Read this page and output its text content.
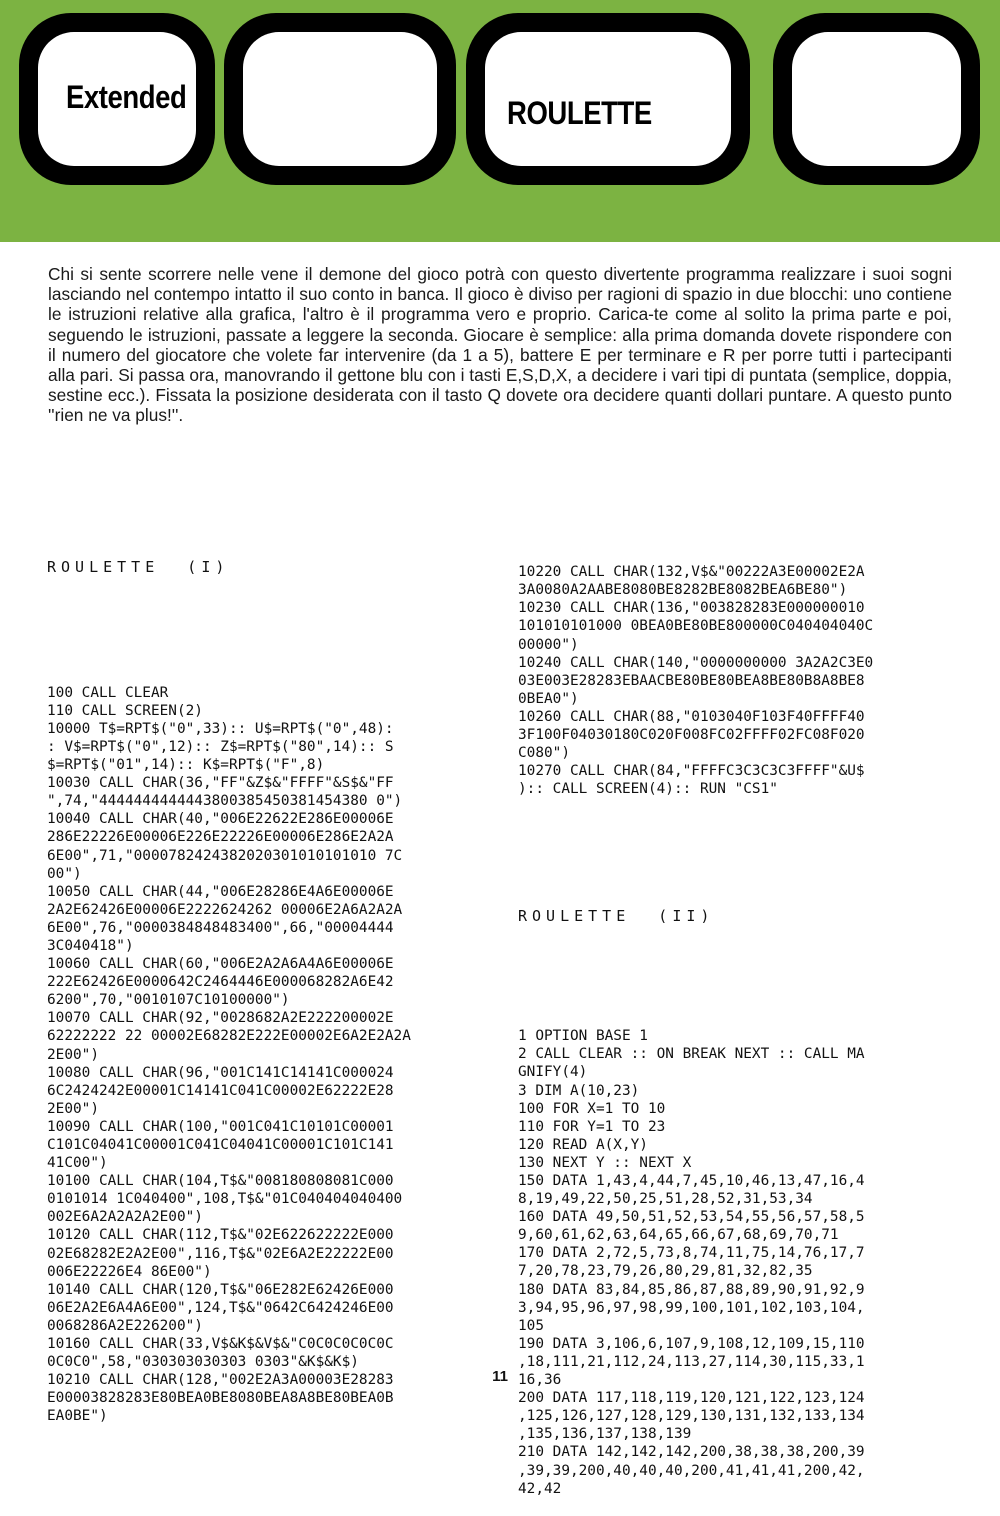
Extended	ROULETTE

Chi si sente scorrere nelle vene il demone del gioco potrà con questo divertente programma realizzare i suoi sogni lasciando nel contempo intatto il suo conto in banca. Il gioco è diviso per ragioni di spazio in due blocchi: uno contiene le istruzioni relative alla grafica, l'altro è il programma vero e proprio. Carica-te come al solito la prima parte e poi, seguendo le istruzioni, passate a leggere la seconda. Giocare è semplice: alla prima domanda dovete rispondere con il numero del giocatore che volete far intervenire (da 1 a 5), battere E per terminare e R per porre tutti i partecipanti alla pari. Si passa ora, manovrando il gettone blu con i tasti E,S,D,X, a decidere i vari tipi di puntata (semplice, doppia, sestine ecc.). Fissata la posizione desiderata con il tasto Q dovete ora decidere quanti dollari puntare. A questo punto ''rien ne va plus!''.

ROULETTE  (I)

100 CALL CLEAR
110 CALL SCREEN(2)
10000 T$=RPT$("0",33):: U$=RPT$("0",48):
: V$=RPT$("0",12):: Z$=RPT$("80",14):: S
$=RPT$("01",14):: K$=RPT$("F",8)
10030 CALL CHAR(36,"FF"&Z$&"FFFF"&S$&"FF
",74,"4444444444443800385450381454380 0")
10040 CALL CHAR(40,"006E22622E286E00006E
286E22226E00006E226E22226E00006E286E2A2A
6E00",71,"0000782424382020301010101010 7C
00")
10050 CALL CHAR(44,"006E28286E4A6E00006E
2A2E62426E00006E2222624262 00006E2A6A2A2A
6E00",76,"0000384848483400",66,"00004444
3C040418")
10060 CALL CHAR(60,"006E2A2A6A4A6E00006E
222E62426E0000642C2464446E000068282A6E42
6200",70,"0010107C10100000")
10070 CALL CHAR(92,"0028682A2E222200002E
62222222 22 00002E68282E222E00002E6A2E2A2A
2E00")
10080 CALL CHAR(96,"001C141C14141C000024
6C2424242E00001C14141C041C00002E62222E28
2E00")
10090 CALL CHAR(100,"001C041C10101C00001
C101C04041C00001C041C04041C00001C101C141
41C00")
10100 CALL CHAR(104,T$&"008180808081C000
0101014 1C040400",108,T$&"01C040404040400
002E6A2A2A2A2E00")
10120 CALL CHAR(112,T$&"02E622622222E000
02E68282E2A2E00",116,T$&"02E6A2E22222E00
006E22226E4 86E00")
10140 CALL CHAR(120,T$&"06E282E62426E000
06E2A2E6A4A6E00",124,T$&"0642C6424246E00
0068286A2E226200")
10160 CALL CHAR(33,V$&K$&V$&"C0C0C0C0C0C
0C0C0",58,"030303030303 0303"&K$&K$)
10210 CALL CHAR(128,"002E2A3A00003E28283
E00003828283E80BEA0BE8080BEA8A8BE80BEA0B
EA0BE")

10220 CALL CHAR(132,V$&"00222A3E00002E2A
3A0080A2AABE8080BE8282BE8082BEA6BE80")
10230 CALL CHAR(136,"003828283E000000010
101010101000 0BEA0BE80BE800000C040404040C
00000")
10240 CALL CHAR(140,"0000000000 3A2A2C3E0
03E003E28283EBAACBE80BE80BEA8BE80B8A8BE8
0BEA0")
10260 CALL CHAR(88,"0103040F103F40FFFF40
3F100F04030180C020F008FC02FFFF02FC08F020
C080")
10270 CALL CHAR(84,"FFFFC3C3C3C3FFFF"&U$
):: CALL SCREEN(4):: RUN "CS1"

ROULETTE  (II)

1 OPTION BASE 1
2 CALL CLEAR :: ON BREAK NEXT :: CALL MA
GNIFY(4)
3 DIM A(10,23)
100 FOR X=1 TO 10
110 FOR Y=1 TO 23
120 READ A(X,Y)
130 NEXT Y :: NEXT X
150 DATA 1,43,4,44,7,45,10,46,13,47,16,4
8,19,49,22,50,25,51,28,52,31,53,34
160 DATA 49,50,51,52,53,54,55,56,57,58,5
9,60,61,62,63,64,65,66,67,68,69,70,71
170 DATA 2,72,5,73,8,74,11,75,14,76,17,7
7,20,78,23,79,26,80,29,81,32,82,35
180 DATA 83,84,85,86,87,88,89,90,91,92,9
3,94,95,96,97,98,99,100,101,102,103,104,
105
190 DATA 3,106,6,107,9,108,12,109,15,110
,18,111,21,112,24,113,27,114,30,115,33,1
16,36
200 DATA 117,118,119,120,121,122,123,124
,125,126,127,128,129,130,131,132,133,134
,135,136,137,138,139
210 DATA 142,142,142,200,38,38,38,200,39
,39,39,200,40,40,40,200,41,41,41,200,42,
42,42

11
